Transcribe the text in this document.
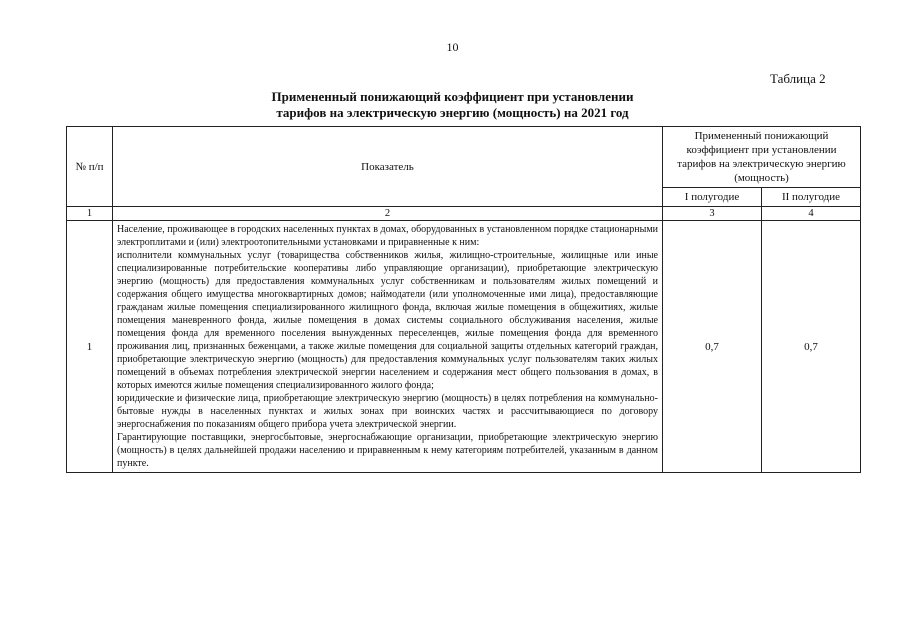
10
Таблица 2
Примененный понижающий коэффициент при установлении
тарифов на электрическую энергию (мощность) на 2021 год
№ п/п	Показатель	Примененный понижающий коэффициент при установлении тарифов на электрическую энергию (мощность)	
		I полугодие	II полугодие
1	2	3	4
1	Население, проживающее в городских населенных пунктах в домах, оборудованных в установленном порядке стационарными электроплитами и (или) электроотопительными установками и приравненные к ним:
исполнители коммунальных услуг (товарищества собственников жилья, жилищно-строительные, жилищные или иные специализированные потребительские кооперативы либо управляющие организации), приобретающие электрическую энергию (мощность) для предоставления коммунальных услуг собственникам и пользователям жилых помещений и содержания общего имущества многоквартирных домов; наймодатели (или уполномоченные ими лица), предоставляющие гражданам жилые помещения специализированного жилищного фонда, включая жилые помещения в общежитиях, жилые помещения маневренного фонда, жилые помещения в домах системы социального обслуживания населения, жилые помещения фонда для временного поселения вынужденных переселенцев, жилые помещения фонда для временного проживания лиц, признанных беженцами, а также жилые помещения для социальной защиты отдельных категорий граждан, приобретающие электрическую энергию (мощность) для предоставления коммунальных услуг пользователям таких жилых помещений в объемах потребления электрической энергии населением и содержания мест общего пользования в домах, в которых имеются жилые помещения специализированного жилого фонда;
юридические и физические лица, приобретающие электрическую энергию (мощность) в целях потребления на коммунально-бытовые нужды в населенных пунктах и жилых зонах при воинских частях и рассчитывающиеся по договору энергоснабжения по показаниям общего прибора учета электрической энергии.
Гарантирующие поставщики, энергосбытовые, энергоснабжающие организации, приобретающие электрическую энергию (мощность) в целях дальнейшей продажи населению и приравненным к нему категориям потребителей, указанным в данном пункте.	0,7	0,7
